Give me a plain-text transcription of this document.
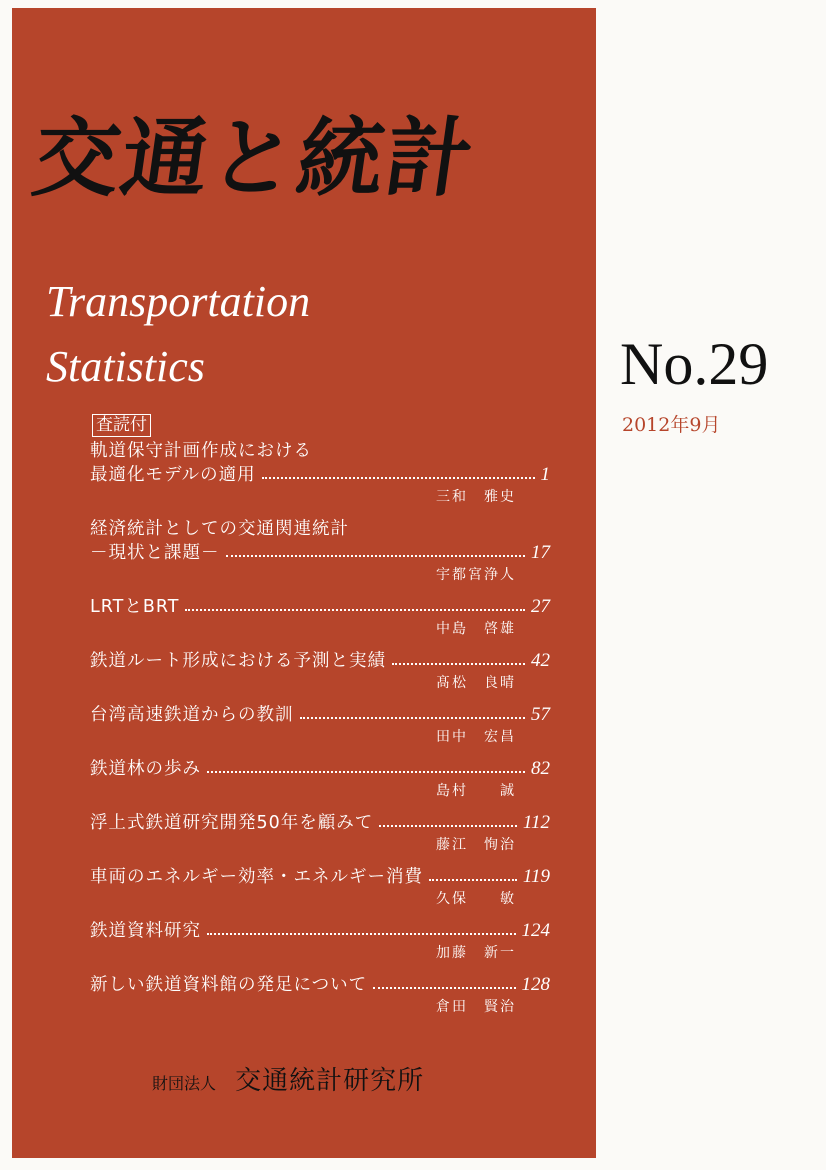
交通と統計
Transportation
Statistics
査読付
軌道保守計画作成における
最適化モデルの適用	1
三和　雅史
経済統計としての交通関連統計
－現状と課題－	17
宇都宮浄人
LRTとBRT	27
中島　啓雄
鉄道ルート形成における予測と実績	42
髙松　良晴
台湾高速鉄道からの教訓	57
田中　宏昌
鉄道林の歩み	82
島村　　誠
浮上式鉄道研究開発50年を顧みて	112
藤江　恂治
車両のエネルギー効率・エネルギー消費	119
久保　　敏
鉄道資料研究	124
加藤　新一
新しい鉄道資料館の発足について	128
倉田　賢治
財団法人 交通統計研究所
No.29
2012年9月
